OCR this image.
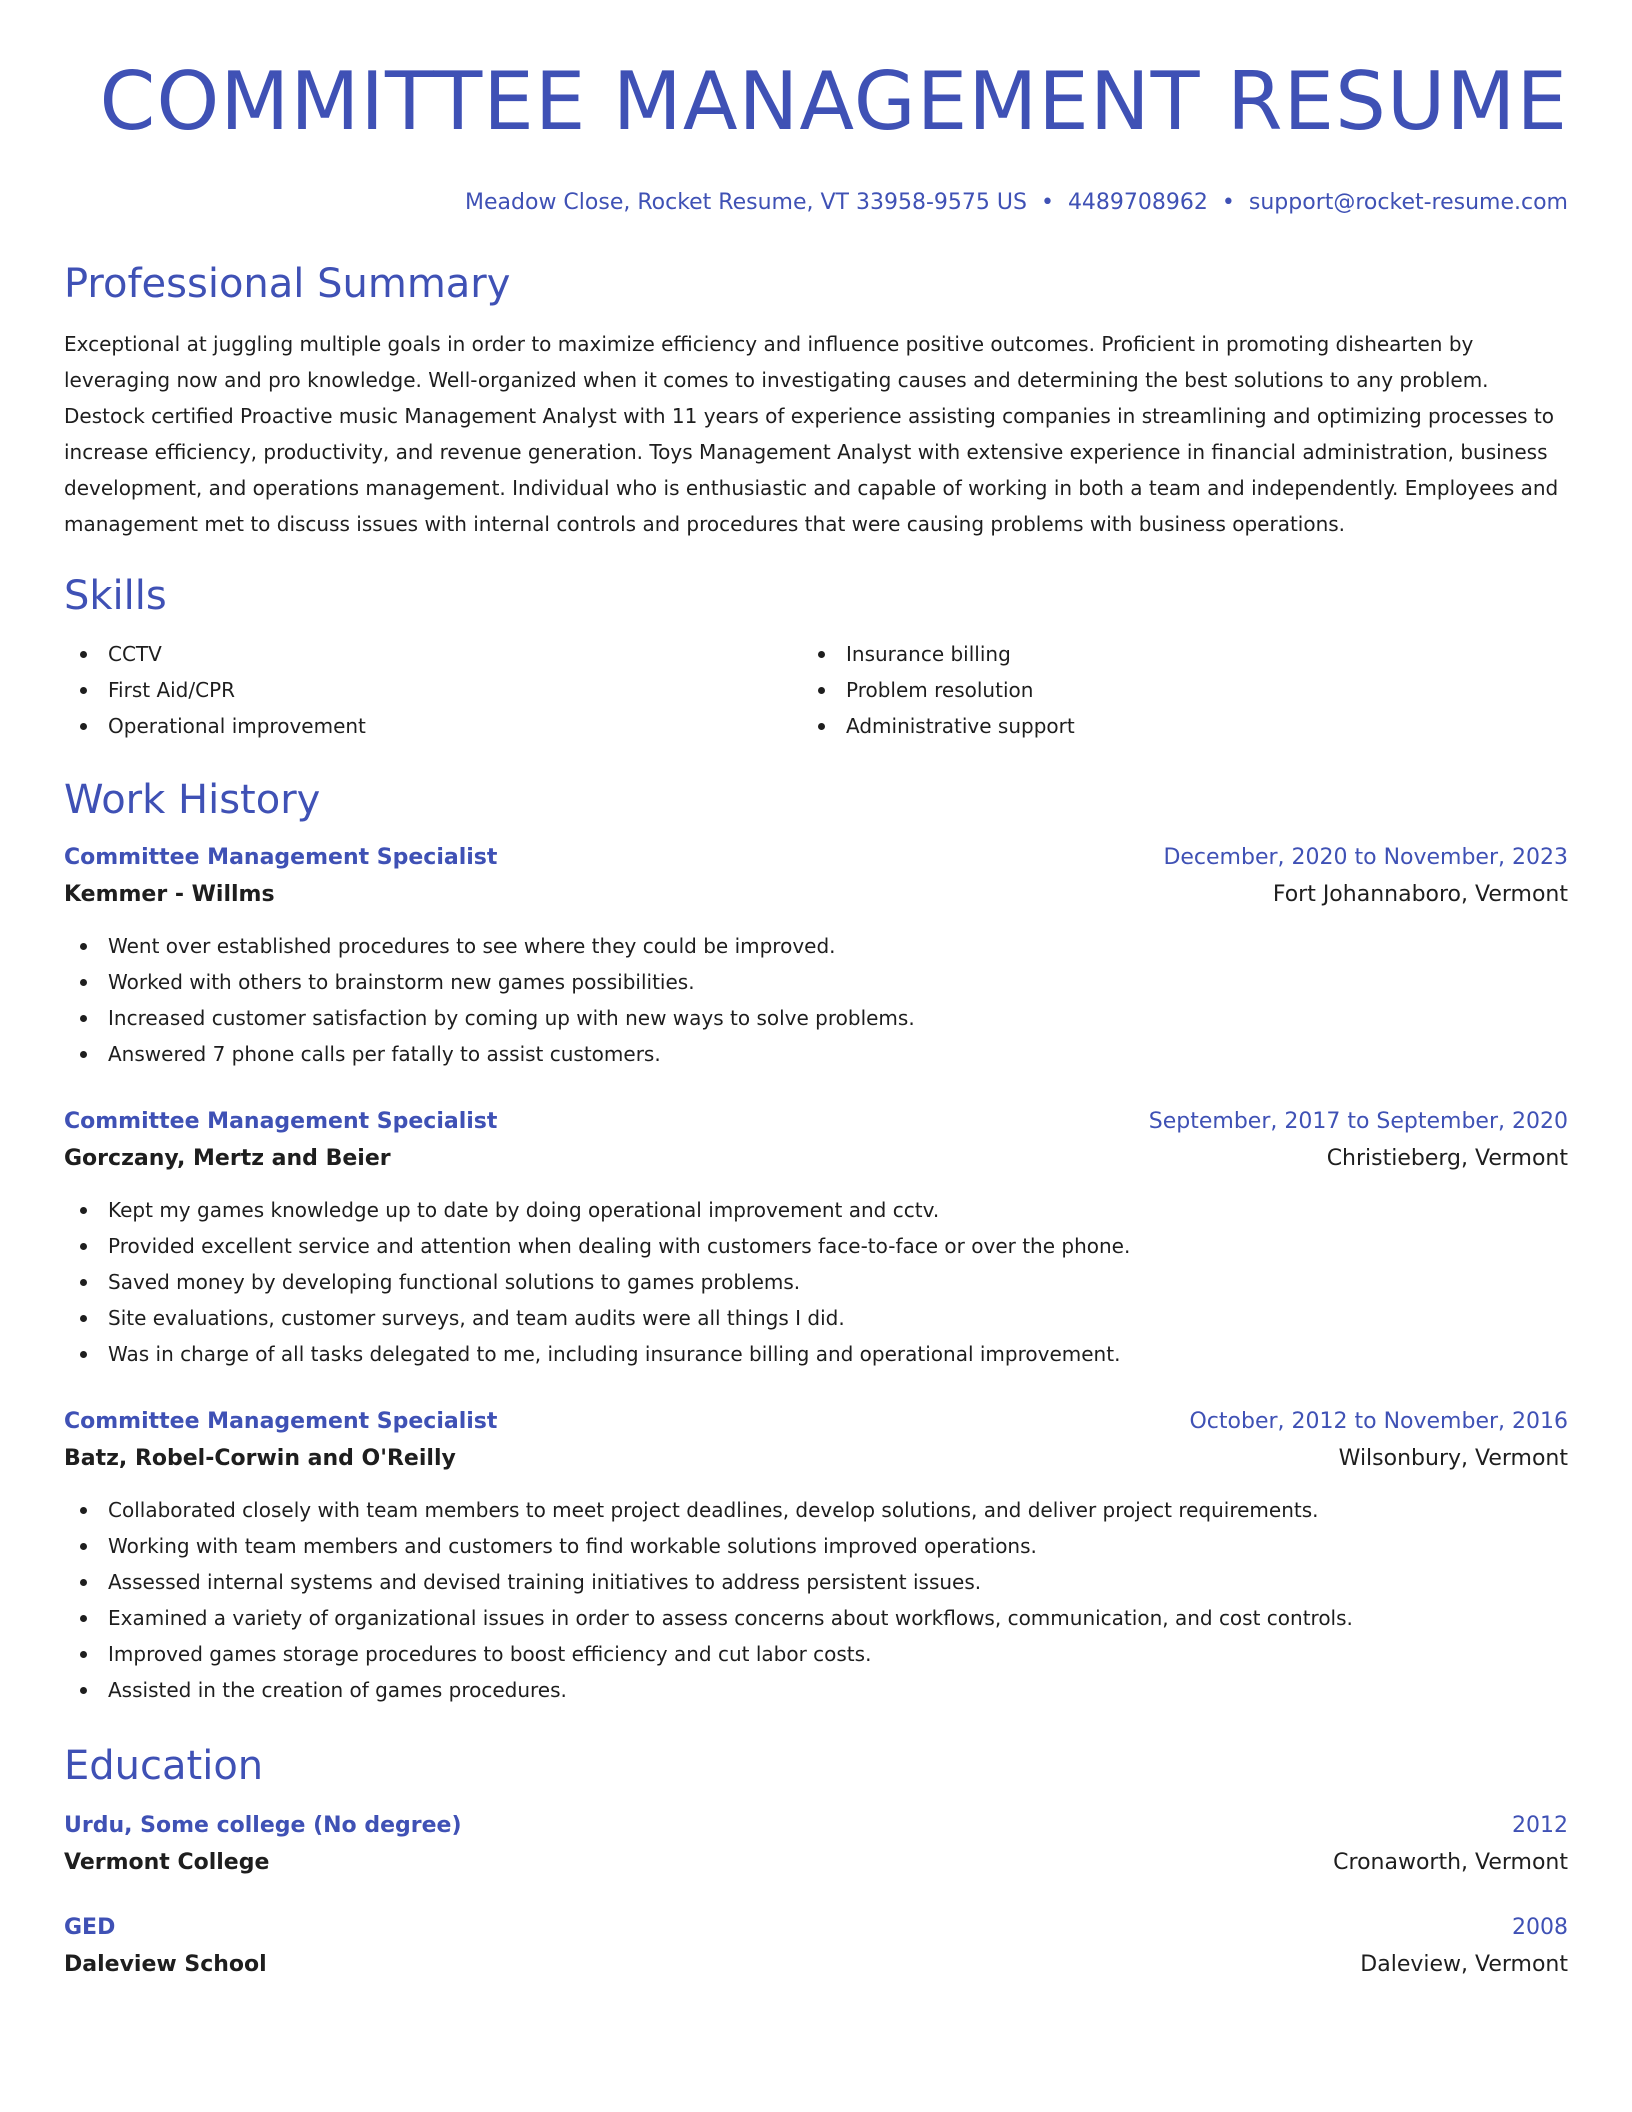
COMMITTEE MANAGEMENT RESUME
Meadow Close, Rocket Resume, VT 33958-9575 US • 4489708962 • support@rocket-resume.com
Professional Summary
Exceptional at juggling multiple goals in order to maximize efficiency and influence positive outcomes. Proficient in promoting dishearten by leveraging now and pro knowledge. Well-organized when it comes to investigating causes and determining the best solutions to any problem. Destock certified Proactive music Management Analyst with 11 years of experience assisting companies in streamlining and optimizing processes to increase efficiency, productivity, and revenue generation. Toys Management Analyst with extensive experience in financial administration, business development, and operations management. Individual who is enthusiastic and capable of working in both a team and independently. Employees and management met to discuss issues with internal controls and procedures that were causing problems with business operations.
Skills
CCTV
First Aid/CPR
Operational improvement
Insurance billing
Problem resolution
Administrative support
Work History
Committee Management Specialist	December, 2020 to November, 2023
Kemmer - Willms	Fort Johannaboro, Vermont
Went over established procedures to see where they could be improved.
Worked with others to brainstorm new games possibilities.
Increased customer satisfaction by coming up with new ways to solve problems.
Answered 7 phone calls per fatally to assist customers.
Committee Management Specialist	September, 2017 to September, 2020
Gorczany, Mertz and Beier	Christieberg, Vermont
Kept my games knowledge up to date by doing operational improvement and cctv.
Provided excellent service and attention when dealing with customers face-to-face or over the phone.
Saved money by developing functional solutions to games problems.
Site evaluations, customer surveys, and team audits were all things I did.
Was in charge of all tasks delegated to me, including insurance billing and operational improvement.
Committee Management Specialist	October, 2012 to November, 2016
Batz, Robel-Corwin and O'Reilly	Wilsonbury, Vermont
Collaborated closely with team members to meet project deadlines, develop solutions, and deliver project requirements.
Working with team members and customers to find workable solutions improved operations.
Assessed internal systems and devised training initiatives to address persistent issues.
Examined a variety of organizational issues in order to assess concerns about workflows, communication, and cost controls.
Improved games storage procedures to boost efficiency and cut labor costs.
Assisted in the creation of games procedures.
Education
Urdu, Some college (No degree)	2012
Vermont College	Cronaworth, Vermont
GED	2008
Daleview School	Daleview, Vermont
